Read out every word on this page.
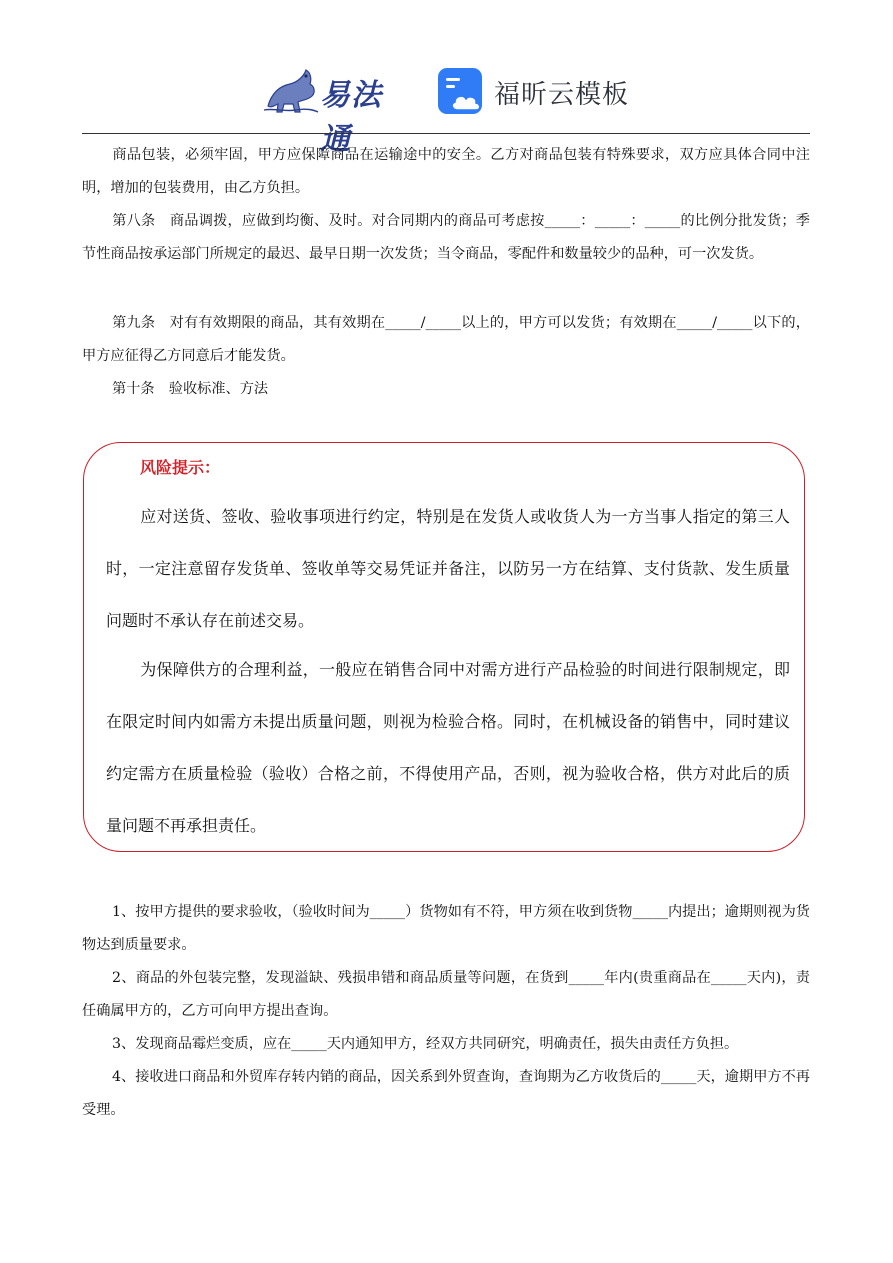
易法通
福昕云模板

商品包装，必须牢固，甲方应保障商品在运输途中的安全。乙方对商品包装有特殊要求，双方应具体合同中注明，增加的包装费用，由乙方负担。

第八条　商品调拨，应做到均衡、及时。对合同期内的商品可考虑按_____：_____：_____的比例分批发货；季节性商品按承运部门所规定的最迟、最早日期一次发货；当令商品，零配件和数量较少的品种，可一次发货。

第九条　对有有效期限的商品，其有效期在_____/_____以上的，甲方可以发货；有效期在_____/_____以下的，甲方应征得乙方同意后才能发货。

第十条　验收标准、方法

风险提示：

应对送货、签收、验收事项进行约定，特别是在发货人或收货人为一方当事人指定的第三人时，一定注意留存发货单、签收单等交易凭证并备注，以防另一方在结算、支付货款、发生质量问题时不承认存在前述交易。

为保障供方的合理利益，一般应在销售合同中对需方进行产品检验的时间进行限制规定，即在限定时间内如需方未提出质量问题，则视为检验合格。同时，在机械设备的销售中，同时建议约定需方在质量检验（验收）合格之前，不得使用产品，否则，视为验收合格，供方对此后的质量问题不再承担责任。

1、按甲方提供的要求验收，（验收时间为_____）货物如有不符，甲方须在收到货物_____内提出；逾期则视为货物达到质量要求。

2、商品的外包装完整，发现溢缺、残损串错和商品质量等问题，在货到_____年内(贵重商品在_____天内)，责任确属甲方的，乙方可向甲方提出查询。

3、发现商品霉烂变质，应在_____天内通知甲方，经双方共同研究，明确责任，损失由责任方负担。

4、接收进口商品和外贸库存转内销的商品，因关系到外贸查询，查询期为乙方收货后的_____天，逾期甲方不再受理。
